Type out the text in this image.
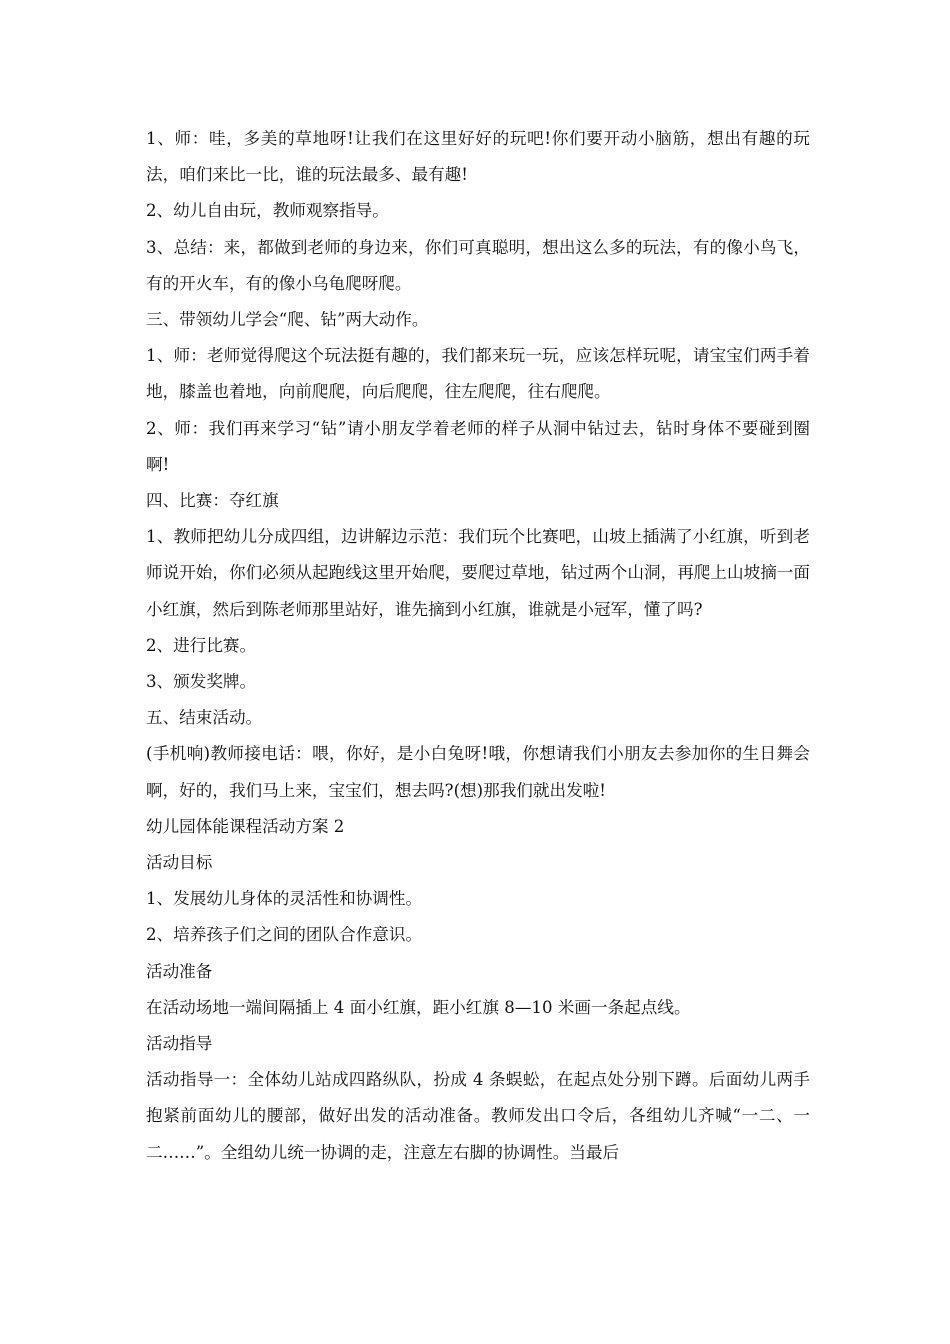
1、师：哇，多美的草地呀!让我们在这里好好的玩吧!你们要开动小脑筋，想出有趣的玩法，咱们来比一比，谁的玩法最多、最有趣!

2、幼儿自由玩，教师观察指导。

3、总结：来，都做到老师的身边来，你们可真聪明，想出这么多的玩法，有的像小鸟飞，有的开火车，有的像小乌龟爬呀爬。

三、带领幼儿学会“爬、钻”两大动作。

1、师：老师觉得爬这个玩法挺有趣的，我们都来玩一玩，应该怎样玩呢，请宝宝们两手着地，膝盖也着地，向前爬爬，向后爬爬，往左爬爬，往右爬爬。

2、师：我们再来学习“钻”请小朋友学着老师的样子从洞中钻过去，钻时身体不要碰到圈啊!

四、比赛：夺红旗

1、教师把幼儿分成四组，边讲解边示范：我们玩个比赛吧，山坡上插满了小红旗，听到老师说开始，你们必须从起跑线这里开始爬，要爬过草地，钻过两个山洞，再爬上山坡摘一面小红旗，然后到陈老师那里站好，谁先摘到小红旗，谁就是小冠军，懂了吗?

2、进行比赛。

3、颁发奖牌。

五、结束活动。

(手机响)教师接电话：喂，你好，是小白兔呀!哦，你想请我们小朋友去参加你的生日舞会啊，好的，我们马上来，宝宝们，想去吗?(想)那我们就出发啦!

幼儿园体能课程活动方案 2

活动目标

1、发展幼儿身体的灵活性和协调性。

2、培养孩子们之间的团队合作意识。

活动准备

在活动场地一端间隔插上 4 面小红旗，距小红旗 8—10 米画一条起点线。

活动指导

活动指导一：全体幼儿站成四路纵队，扮成 4 条蜈蚣，在起点处分别下蹲。后面幼儿两手抱紧前面幼儿的腰部，做好出发的活动准备。教师发出口令后，各组幼儿齐喊“一二、一二……”。全组幼儿统一协调的走，注意左右脚的协调性。当最后
